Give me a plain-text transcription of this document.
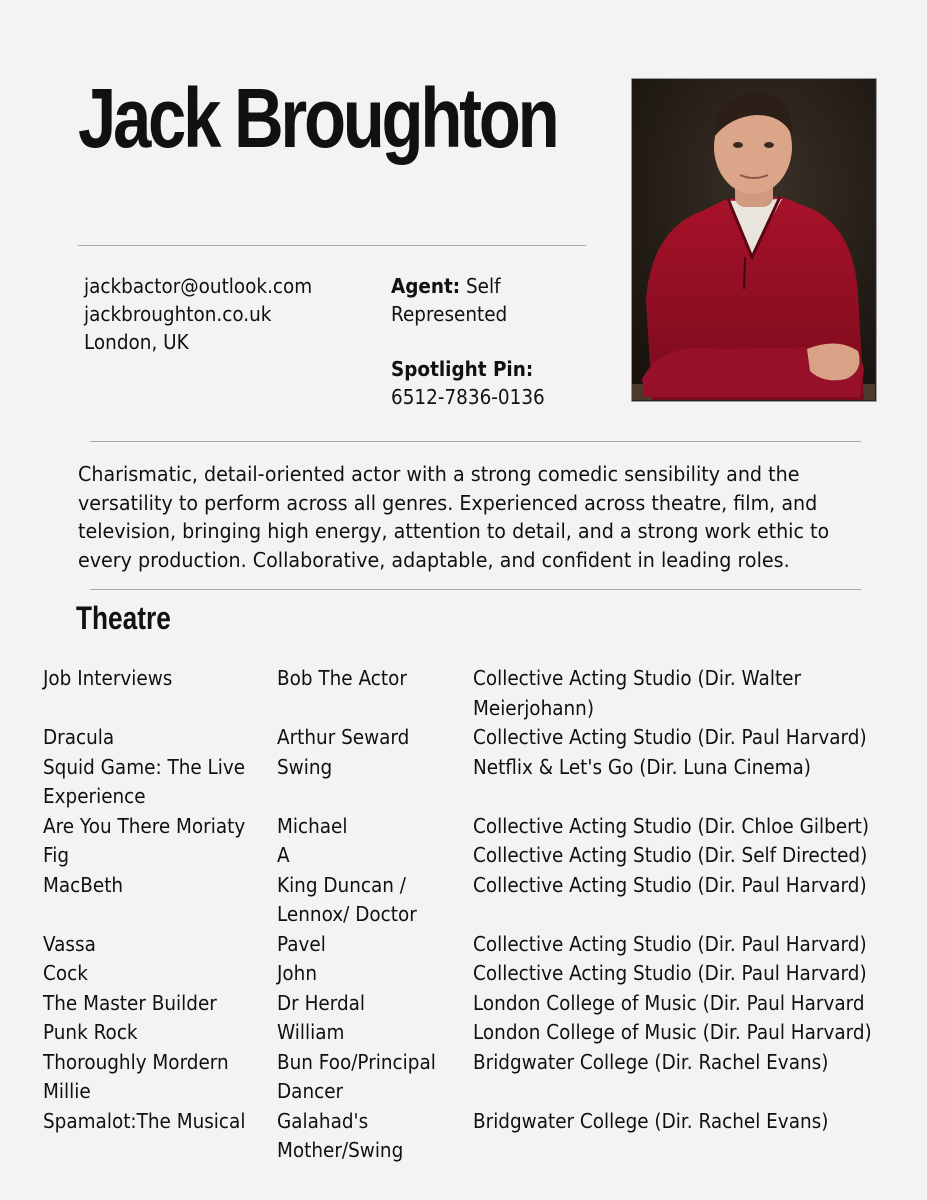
Jack Broughton
jackbactor@outlook.com
jackbroughton.co.uk
London, UK
Agent: Self
Represented
Spotlight Pin:
6512-7836-0136
Charismatic, detail-oriented actor with a strong comedic sensibility and the
versatility to perform across all genres. Experienced across theatre, film, and
television, bringing high energy, attention to detail, and a strong work ethic to
every production. Collaborative, adaptable, and confident in leading roles.
Theatre
Job Interviews	Bob The Actor	Collective Acting Studio (Dir. Walter Meierjohann)

Dracula	Arthur Seward	Collective Acting Studio (Dir. Paul Harvard)

Squid Game: The Live Experience	Swing	Netflix & Let's Go (Dir. Luna Cinema)

Are You There Moriaty	Michael	Collective Acting Studio (Dir. Chloe Gilbert)

Fig	A	Collective Acting Studio (Dir. Self Directed)

MacBeth	King Duncan / Lennox/ Doctor	Collective Acting Studio (Dir. Paul Harvard)

Vassa	Pavel	Collective Acting Studio (Dir. Paul Harvard)

Cock	John	Collective Acting Studio (Dir. Paul Harvard)

The Master Builder	Dr Herdal	London College of Music (Dir. Paul Harvard

Punk Rock	William	London College of Music (Dir. Paul Harvard)

Thoroughly Mordern Millie	Bun Foo/Principal Dancer	Bridgwater College (Dir. Rachel Evans)

Spamalot:The Musical	Galahad's Mother/Swing	Bridgwater College (Dir. Rachel Evans)
